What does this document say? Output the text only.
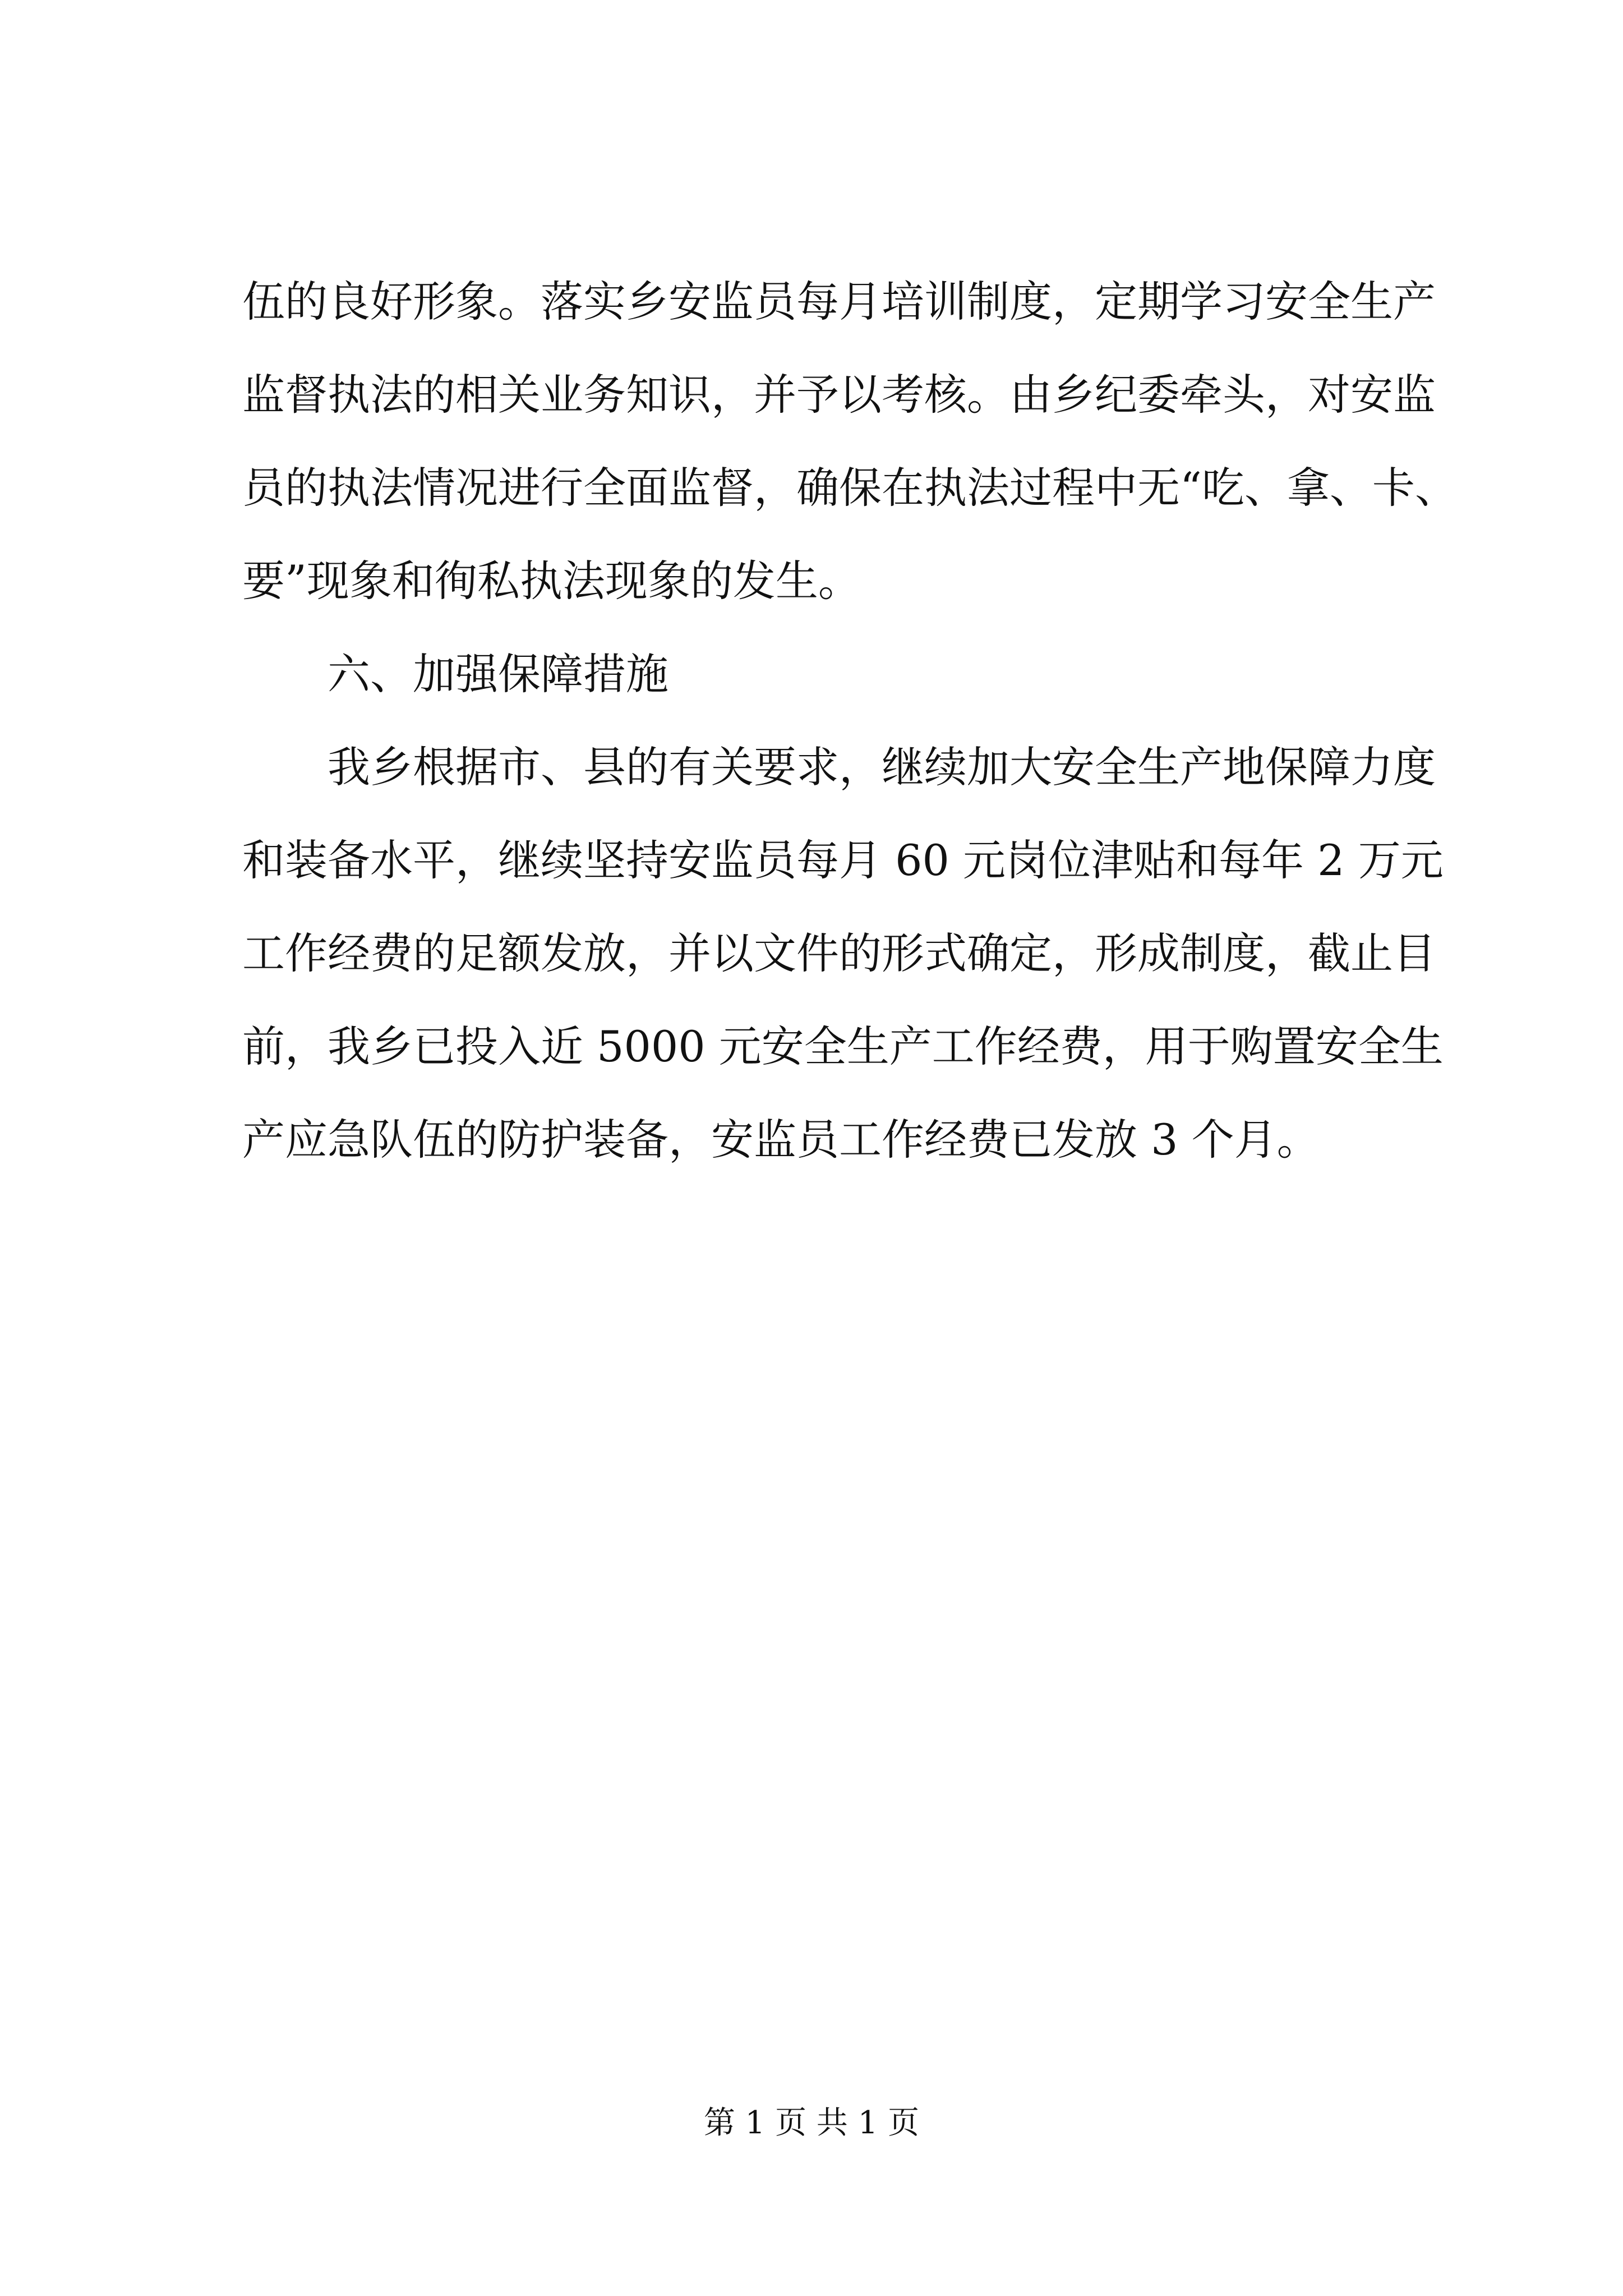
伍的良好形象。落实乡安监员每月培训制度，定期学习安全生产
监督执法的相关业务知识，并予以考核。由乡纪委牵头，对安监
员的执法情况进行全面监督，确保在执法过程中无“吃、拿、卡、
要”现象和徇私执法现象的发生。
六、加强保障措施
我乡根据市、县的有关要求，继续加大安全生产地保障力度
和装备水平，继续坚持安监员每月 60 元岗位津贴和每年 2 万元
工作经费的足额发放，并以文件的形式确定，形成制度，截止目
前，我乡已投入近 5000 元安全生产工作经费，用于购置安全生
产应急队伍的防护装备，安监员工作经费已发放 3 个月。
第 1 页 共 1 页
